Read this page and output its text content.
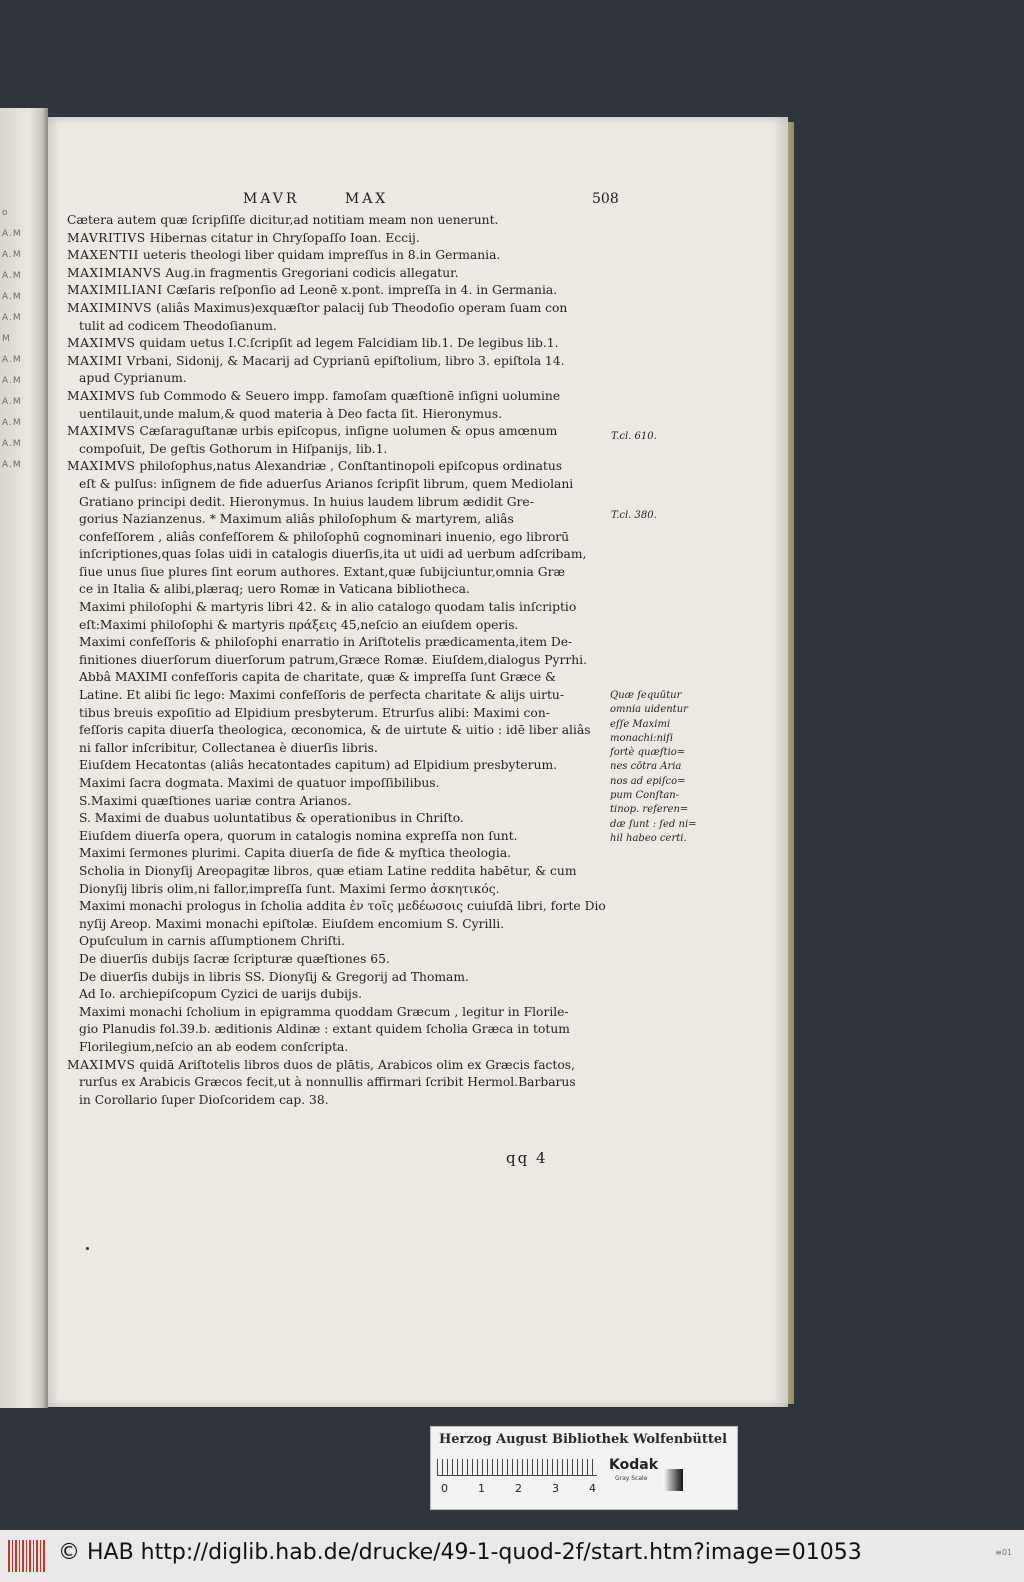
o
A.M
A.M
A.M
A.M
A.M
M
A.M
A.M
A.M
A.M
A.M
A.M
MAVR	MAX	508
Cætera autem quæ ſcripſiſſe dicitur,ad notitiam meam non uenerunt.
MAVRITIVS Hibernas citatur in Chryſopaſſo Ioan. Eccij.
MAXENTII ueteris theologi liber quidam impreſſus in 8.in Germania.
MAXIMIANVS Aug.in fragmentis Gregoriani codicis allegatur.
MAXIMILIANI Cæſaris reſponſio ad Leonē x.pont. impreſſa in 4. in Germania.
MAXIMINVS (aliâs Maximus)exquæſtor palacij ſub Theodoſio operam ſuam con
tulit ad codicem Theodoſianum.
MAXIMVS quidam uetus I.C.ſcripſit ad legem Falcidiam lib.1. De legibus lib.1.
MAXIMI Vrbani, Sidonij, & Macarij ad Cyprianū epiſtolium, libro 3. epiſtola 14.
apud Cyprianum.
MAXIMVS ſub Commodo & Seuero impp. famoſam quæſtionē inſigni uolumine
uentilauit,unde malum,& quod materia à Deo facta ſit. Hieronymus.
MAXIMVS Cæſaraguſtanæ urbis epiſcopus, inſigne uolumen & opus amœnum
compoſuit, De geſtis Gothorum in Hiſpanijs, lib.1.
MAXIMVS philoſophus,natus Alexandriæ , Conſtantinopoli epiſcopus ordinatus
eſt & pulſus: inſignem de fide aduerſus Arianos ſcripſit librum, quem Mediolani
Gratiano principi dedit. Hieronymus. In huius laudem librum ædidit Gre-
gorius Nazianzenus. * Maximum aliâs philoſophum & martyrem, aliâs
confeſſorem , aliâs confeſſorem & philoſophū cognominari inuenio, ego librorū
inſcriptiones,quas ſolas uidi in catalogis diuerſis,ita ut uidi ad uerbum adſcribam,
ſiue unus ſiue plures ſint eorum authores. Extant,quæ ſubijciuntur,omnia Græ
ce in Italia & alibi,plæraq; uero Romæ in Vaticana bibliotheca.
Maximi philoſophi & martyris libri 42. & in alio catalogo quodam talis inſcriptio
eſt:Maximi philoſophi & martyris πράξεις 45,neſcio an eiuſdem operis.
Maximi confeſſoris & philoſophi enarratio in Ariſtotelis prædicamenta,item De-
finitiones diuerſorum diuerſorum patrum,Græce Romæ. Eiuſdem,dialogus Pyrrhi.
Abbâ MAXIMI confeſſoris capita de charitate, quæ & impreſſa ſunt Græce &
Latine. Et alibi ſic lego: Maximi confeſſoris de perfecta charitate & alijs uirtu-
tibus breuis expoſitio ad Elpidium presbyterum. Etrurſus alibi: Maximi con-
feſſoris capita diuerſa theologica, œconomica, & de uirtute & uitio : idē liber aliâs
ni fallor inſcribitur, Collectanea è diuerſis libris.
Eiuſdem Hecatontas (aliâs hecatontades capitum) ad Elpidium presbyterum.
Maximi ſacra dogmata. Maximi de quatuor impoſſibilibus.
S.Maximi quæſtiones uariæ contra Arianos.
S. Maximi de duabus uoluntatibus & operationibus in Chriſto.
Eiuſdem diuerſa opera, quorum in catalogis nomina expreſſa non ſunt.
Maximi ſermones plurimi. Capita diuerſa de fide & myſtica theologia.
Scholia in Dionyſij Areopagitæ libros, quæ etiam Latine reddita habētur, & cum
Dionyſij libris olim,ni fallor,impreſſa ſunt. Maximi ſermo ἀσκητικός.
Maximi monachi prologus in ſcholia addita ἐν τοῖς μεδέωσοις cuiuſdā libri, forte Dio
nyſij Areop. Maximi monachi epiſtolæ. Eiuſdem encomium S. Cyrilli.
Opuſculum in carnis aſſumptionem Chriſti.
De diuerſis dubijs ſacræ ſcripturæ quæſtiones 65.
De diuerſis dubijs in libris SS. Dionyſij & Gregorij ad Thomam.
Ad Io. archiepiſcopum Cyzici de uarijs dubijs.
Maximi monachi ſcholium in epigramma quoddam Græcum , legitur in Florile-
gio Planudis fol.39.b. æditionis Aldinæ : extant quidem ſcholia Græca in totum
Florilegium,neſcio an ab eodem conſcripta.
MAXIMVS quidā Ariſtotelis libros duos de plātis, Arabicos olim ex Græcis factos,
rurſus ex Arabicis Græcos fecit,ut à nonnullis affirmari ſcribit Hermol.Barbarus
in Corollario ſuper Dioſcoridem cap. 38.
T.cl. 610.
T.cl. 380.
Quæ ſequūtur
omnia uidentur
eſſe Maximi
monachi:niſi
fortè quæſtio=
nes cōtra Aria
nos ad epiſco=
pum Conſtan-
tinop. referen=
dæ ſunt : ſed ni=
hil habeo certi.
qq 4
Herzog August Bibliothek Wolfenbüttel
0	1	2	3	4
Kodak
Gray Scale
© HAB http://diglib.hab.de/drucke/49-1-quod-2f/start.htm?image=01053	≡01
